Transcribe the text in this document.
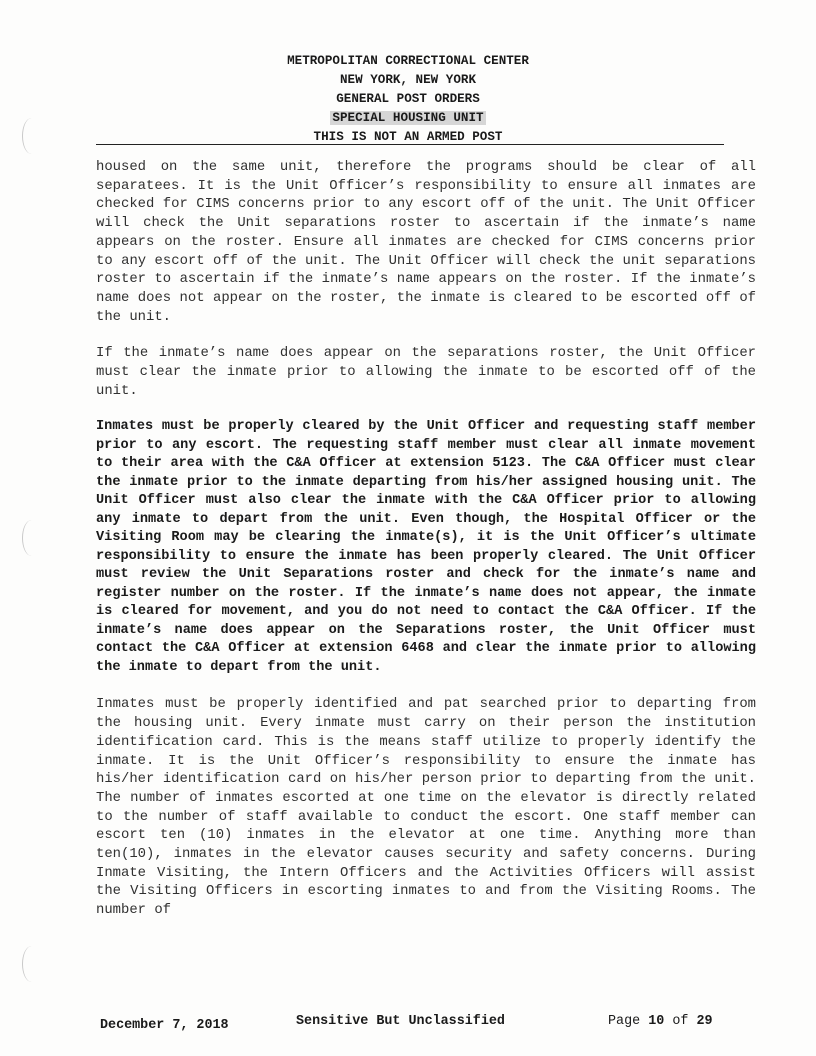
METROPOLITAN CORRECTIONAL CENTER
NEW YORK, NEW YORK
GENERAL POST ORDERS
SPECIAL HOUSING UNIT
THIS IS NOT AN ARMED POST

housed on the same unit, therefore the programs should be clear of all separatees. It is the Unit Officer’s responsibility to ensure all inmates are checked for CIMS concerns prior to any escort off of the unit. The Unit Officer will check the Unit separations roster to ascertain if the inmate’s name appears on the roster. Ensure all inmates are checked for CIMS concerns prior to any escort off of the unit. The Unit Officer will check the unit separations roster to ascertain if the inmate’s name appears on the roster. If the inmate’s name does not appear on the roster, the inmate is cleared to be escorted off of the unit.

If the inmate’s name does appear on the separations roster, the Unit Officer must clear the inmate prior to allowing the inmate to be escorted off of the unit.

Inmates must be properly cleared by the Unit Officer and requesting staff member prior to any escort. The requesting staff member must clear all inmate movement to their area with the C&A Officer at extension 5123. The C&A Officer must clear the inmate prior to the inmate departing from his/her assigned housing unit. The Unit Officer must also clear the inmate with the C&A Officer prior to allowing any inmate to depart from the unit. Even though, the Hospital Officer or the Visiting Room may be clearing the inmate(s), it is the Unit Officer’s ultimate responsibility to ensure the inmate has been properly cleared. The Unit Officer must review the Unit Separations roster and check for the inmate’s name and register number on the roster. If the inmate’s name does not appear, the inmate is cleared for movement, and you do not need to contact the C&A Officer. If the inmate’s name does appear on the Separations roster, the Unit Officer must contact the C&A Officer at extension 6468 and clear the inmate prior to allowing the inmate to depart from the unit.

Inmates must be properly identified and pat searched prior to departing from the housing unit. Every inmate must carry on their person the institution identification card. This is the means staff utilize to properly identify the inmate. It is the Unit Officer’s responsibility to ensure the inmate has his/her identification card on his/her person prior to departing from the unit. The number of inmates escorted at one time on the elevator is directly related to the number of staff available to conduct the escort. One staff member can escort ten (10) inmates in the elevator at one time. Anything more than ten(10), inmates in the elevator causes security and safety concerns. During Inmate Visiting, the Intern Officers and the Activities Officers will assist the Visiting Officers in escorting inmates to and from the Visiting Rooms. The number of

December 7, 2018	Sensitive But Unclassified	Page 10 of 29
